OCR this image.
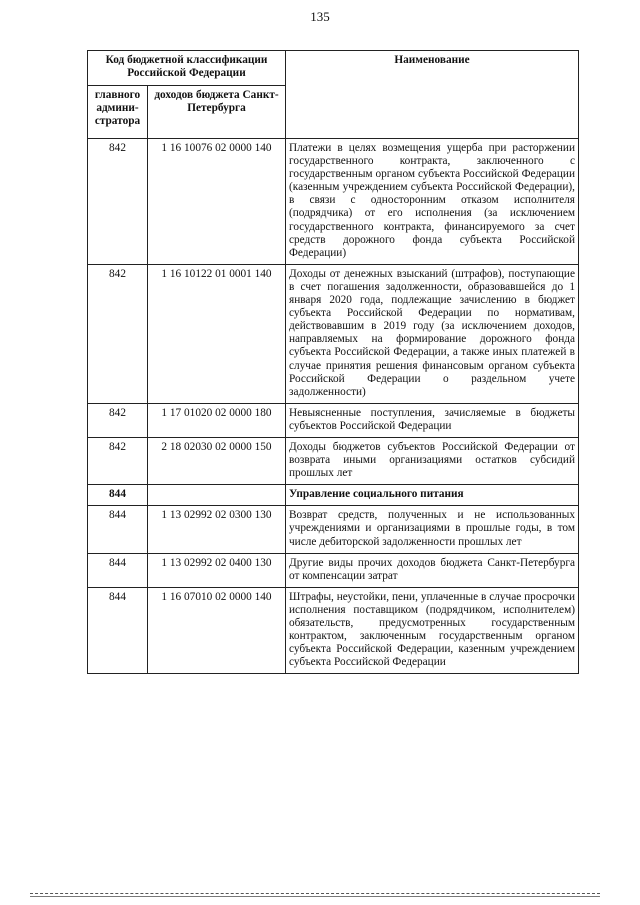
135
Код бюджетной классификации Российской Федерации		Наименование
главного админи-стратора	доходов бюджета Санкт-Петербурга	
842	1 16 10076 02 0000 140	Платежи в целях возмещения ущерба при расторжении государственного контракта, заключенного с государственным органом субъекта Российской Федерации (казенным учреждением субъекта Российской Федерации), в связи с односторонним отказом исполнителя (подрядчика) от его исполнения (за исключением государственного контракта, финансируемого за счет средств дорожного фонда субъекта Российской Федерации)
842	1 16 10122 01 0001 140	Доходы от денежных взысканий (штрафов), поступающие в счет погашения задолженности, образовавшейся до 1 января 2020 года, подлежащие зачислению в бюджет субъекта Российской Федерации по нормативам, действовавшим в 2019 году (за исключением доходов, направляемых на формирование дорожного фонда субъекта Российской Федерации, а также иных платежей в случае принятия решения финансовым органом субъекта Российской Федерации о раздельном учете задолженности)
842	1 17 01020 02 0000 180	Невыясненные поступления, зачисляемые в бюджеты субъектов Российской Федерации
842	2 18 02030 02 0000 150	Доходы бюджетов субъектов Российской Федерации от возврата иными организациями остатков субсидий прошлых лет
844		Управление социального питания
844	1 13 02992 02 0300 130	Возврат средств, полученных и не использованных учреждениями и организациями в прошлые годы, в том числе дебиторской задолженности прошлых лет
844	1 13 02992 02 0400 130	Другие виды прочих доходов бюджета Санкт-Петербурга от компенсации затрат
844	1 16 07010 02 0000 140	Штрафы, неустойки, пени, уплаченные в случае просрочки исполнения поставщиком (подрядчиком, исполнителем) обязательств, предусмотренных государственным контрактом, заключенным государственным органом субъекта Российской Федерации, казенным учреждением субъекта Российской Федерации
